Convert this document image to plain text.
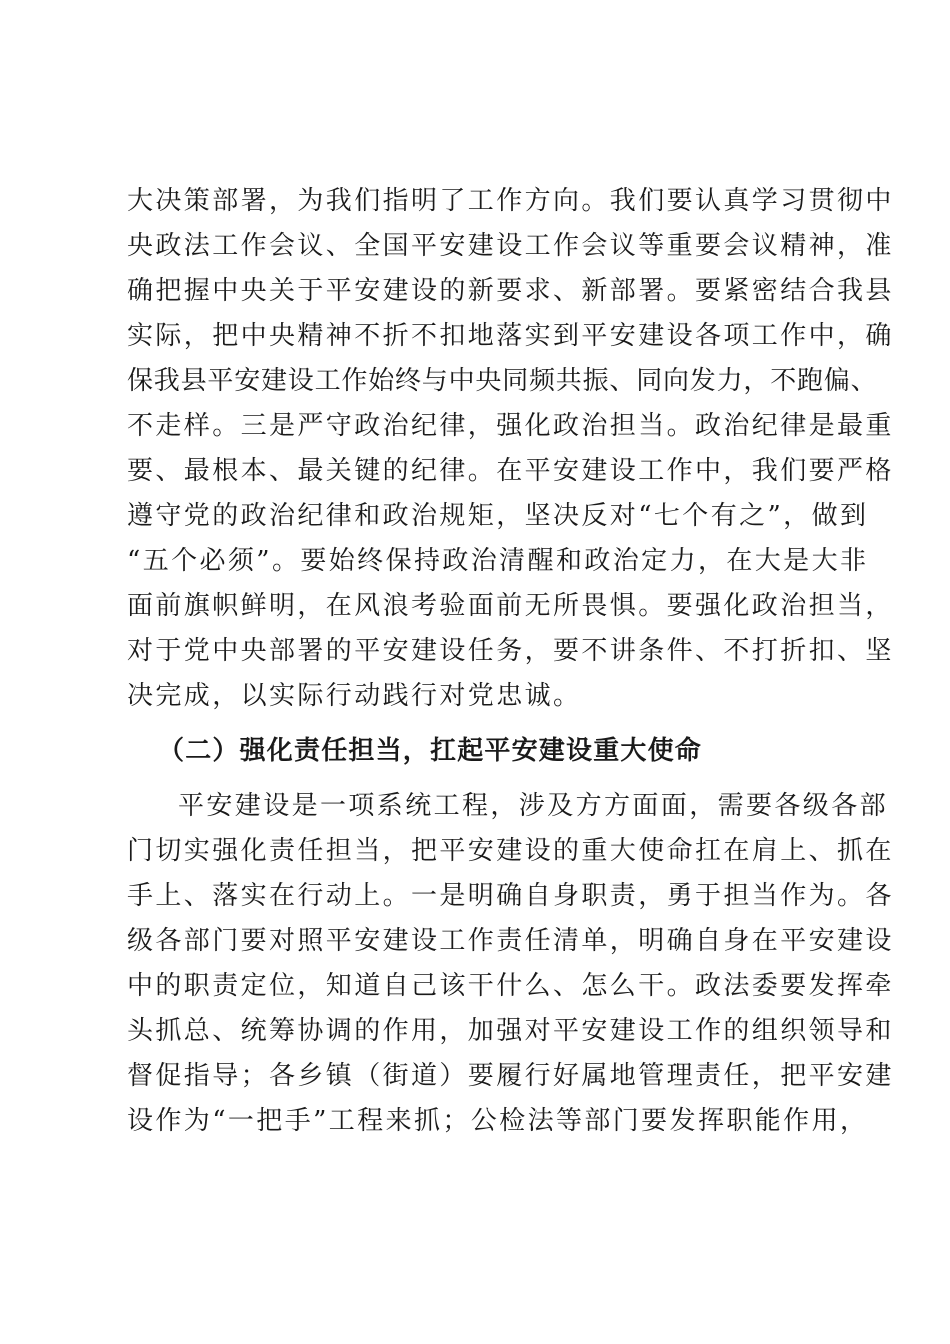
大决策部署，为我们指明了工作方向。我们要认真学习贯彻中
央政法工作会议、全国平安建设工作会议等重要会议精神，准
确把握中央关于平安建设的新要求、新部署。要紧密结合我县
实际，把中央精神不折不扣地落实到平安建设各项工作中，确
保我县平安建设工作始终与中央同频共振、同向发力，不跑偏、
不走样。三是严守政治纪律，强化政治担当。政治纪律是最重
要、最根本、最关键的纪律。在平安建设工作中，我们要严格
遵守党的政治纪律和政治规矩，坚决反对“七个有之”，做到
“五个必须”。要始终保持政治清醒和政治定力，在大是大非
面前旗帜鲜明，在风浪考验面前无所畏惧。要强化政治担当，
对于党中央部署的平安建设任务，要不讲条件、不打折扣、坚
决完成，以实际行动践行对党忠诚。
（二）强化责任担当，扛起平安建设重大使命
平安建设是一项系统工程，涉及方方面面，需要各级各部
门切实强化责任担当，把平安建设的重大使命扛在肩上、抓在
手上、落实在行动上。一是明确自身职责，勇于担当作为。各
级各部门要对照平安建设工作责任清单，明确自身在平安建设
中的职责定位，知道自己该干什么、怎么干。政法委要发挥牵
头抓总、统筹协调的作用，加强对平安建设工作的组织领导和
督促指导；各乡镇（街道）要履行好属地管理责任，把平安建
设作为“一把手”工程来抓；公检法等部门要发挥职能作用，
